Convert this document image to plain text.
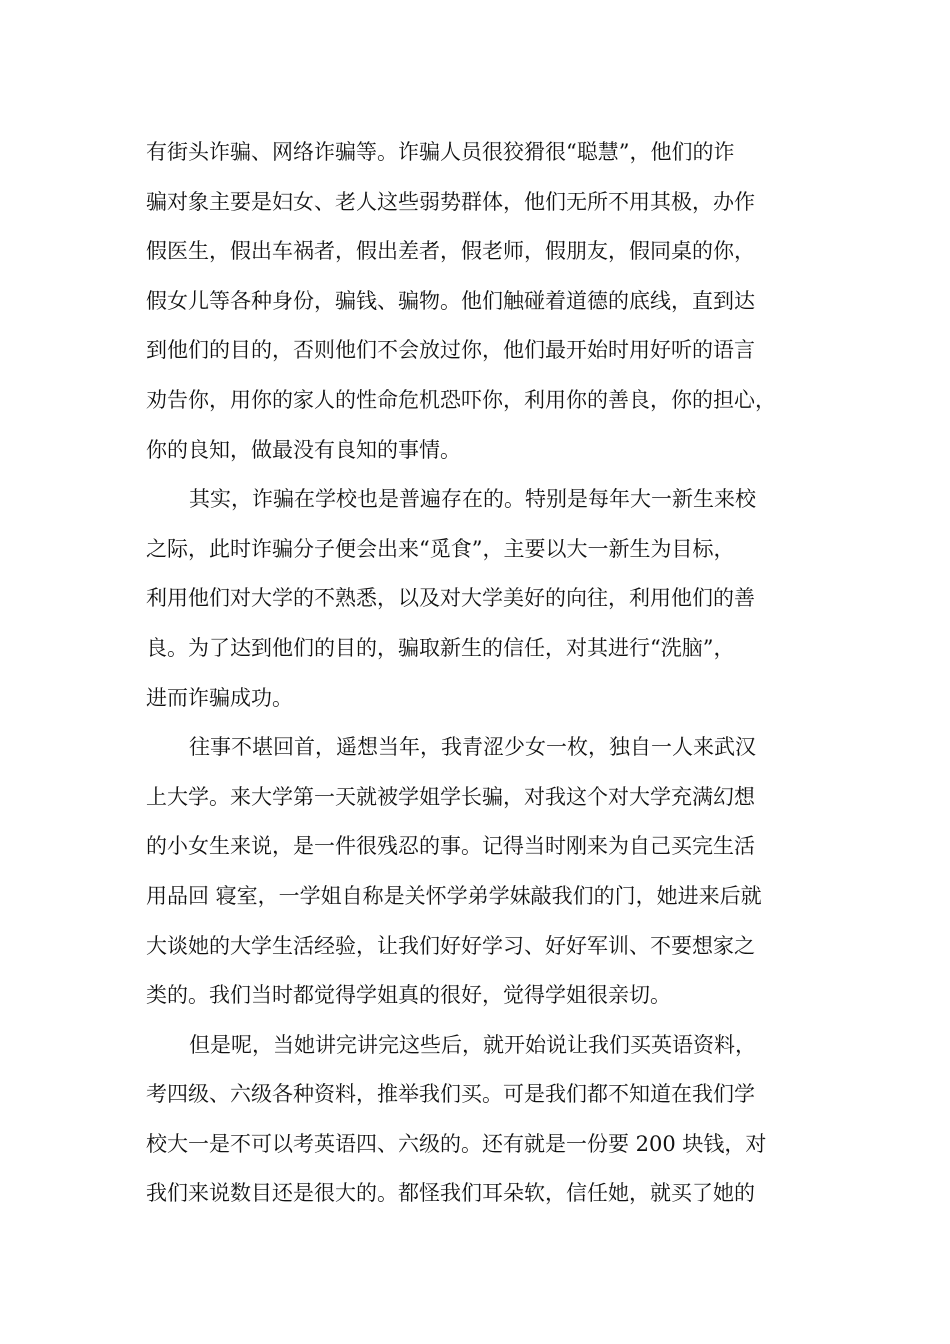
有街头诈骗、网络诈骗等。诈骗人员很狡猾很“聪慧”，他们的诈
骗对象主要是妇女、老人这些弱势群体，他们无所不用其极，办作
假医生，假出车祸者，假出差者，假老师，假朋友，假同桌的你，
假女儿等各种身份，骗钱、骗物。他们触碰着道德的底线，直到达
到他们的目的，否则他们不会放过你，他们最开始时用好听的语言
劝告你，用你的家人的性命危机恐吓你，利用你的善良，你的担心，
你的良知，做最没有良知的事情。
其实，诈骗在学校也是普遍存在的。特别是每年大一新生来校
之际，此时诈骗分子便会出来“觅食”，主要以大一新生为目标，
利用他们对大学的不熟悉，以及对大学美好的向往，利用他们的善
良。为了达到他们的目的，骗取新生的信任，对其进行“洗脑”，
进而诈骗成功。
往事不堪回首，遥想当年，我青涩少女一枚，独自一人来武汉
上大学。来大学第一天就被学姐学长骗，对我这个对大学充满幻想
的小女生来说，是一件很残忍的事。记得当时刚来为自己买完生活
用品回 寝室，一学姐自称是关怀学弟学妹敲我们的门，她进来后就
大谈她的大学生活经验，让我们好好学习、好好军训、不要想家之
类的。我们当时都觉得学姐真的很好，觉得学姐很亲切。
但是呢，当她讲完讲完这些后，就开始说让我们买英语资料，
考四级、六级各种资料，推举我们买。可是我们都不知道在我们学
校大一是不可以考英语四、六级的。还有就是一份要 200 块钱，对
我们来说数目还是很大的。都怪我们耳朵软，信任她，就买了她的
